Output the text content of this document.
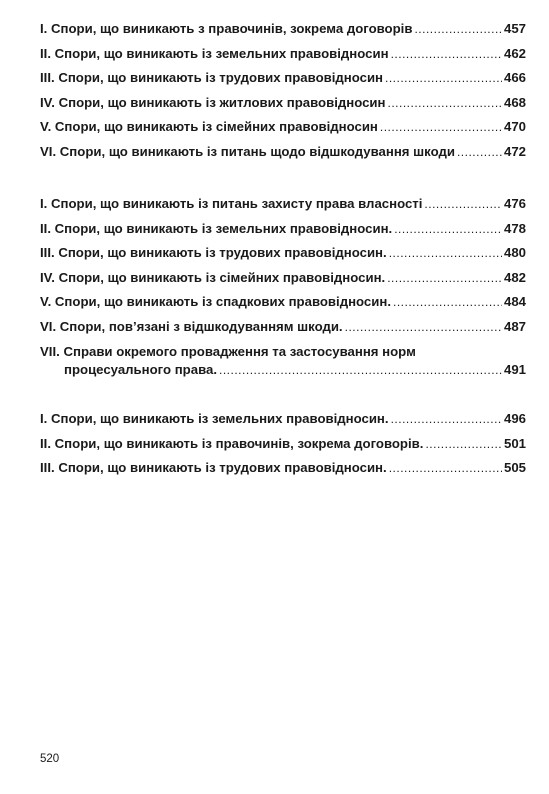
I. Спори, що виникають з правочинів, зокрема договорів .....	457
II. Спори, що виникають із земельних правовідносин .....	462
III. Спори, що виникають із трудових правовідносин .....	466
IV. Спори, що виникають із житлових правовідносин .....	468
V. Спори, що виникають із сімейних правовідносин .....	470
VI. Спори, що виникають із питань щодо відшкодування шкоди .....	472
I. Спори, що виникають із питань захисту права власності .....	476
II. Спори, що виникають із земельних правовідносин. .....	478
III. Спори, що виникають із трудових правовідносин. .....	480
IV. Спори, що виникають із сімейних правовідносин. .....	482
V. Спори, що виникають із спадкових правовідносин. .....	484
VI. Спори, пов’язані з відшкодуванням шкоди. .....	487
VII. Справи окремого провадження та застосування норм
процесуального права. .....	491
I. Спори, що виникають із земельних правовідносин. .....	496
II. Спори, що виникають із правочинів, зокрема договорів. .....	501
III. Спори, що виникають із трудових правовідносин. .....	505
520
